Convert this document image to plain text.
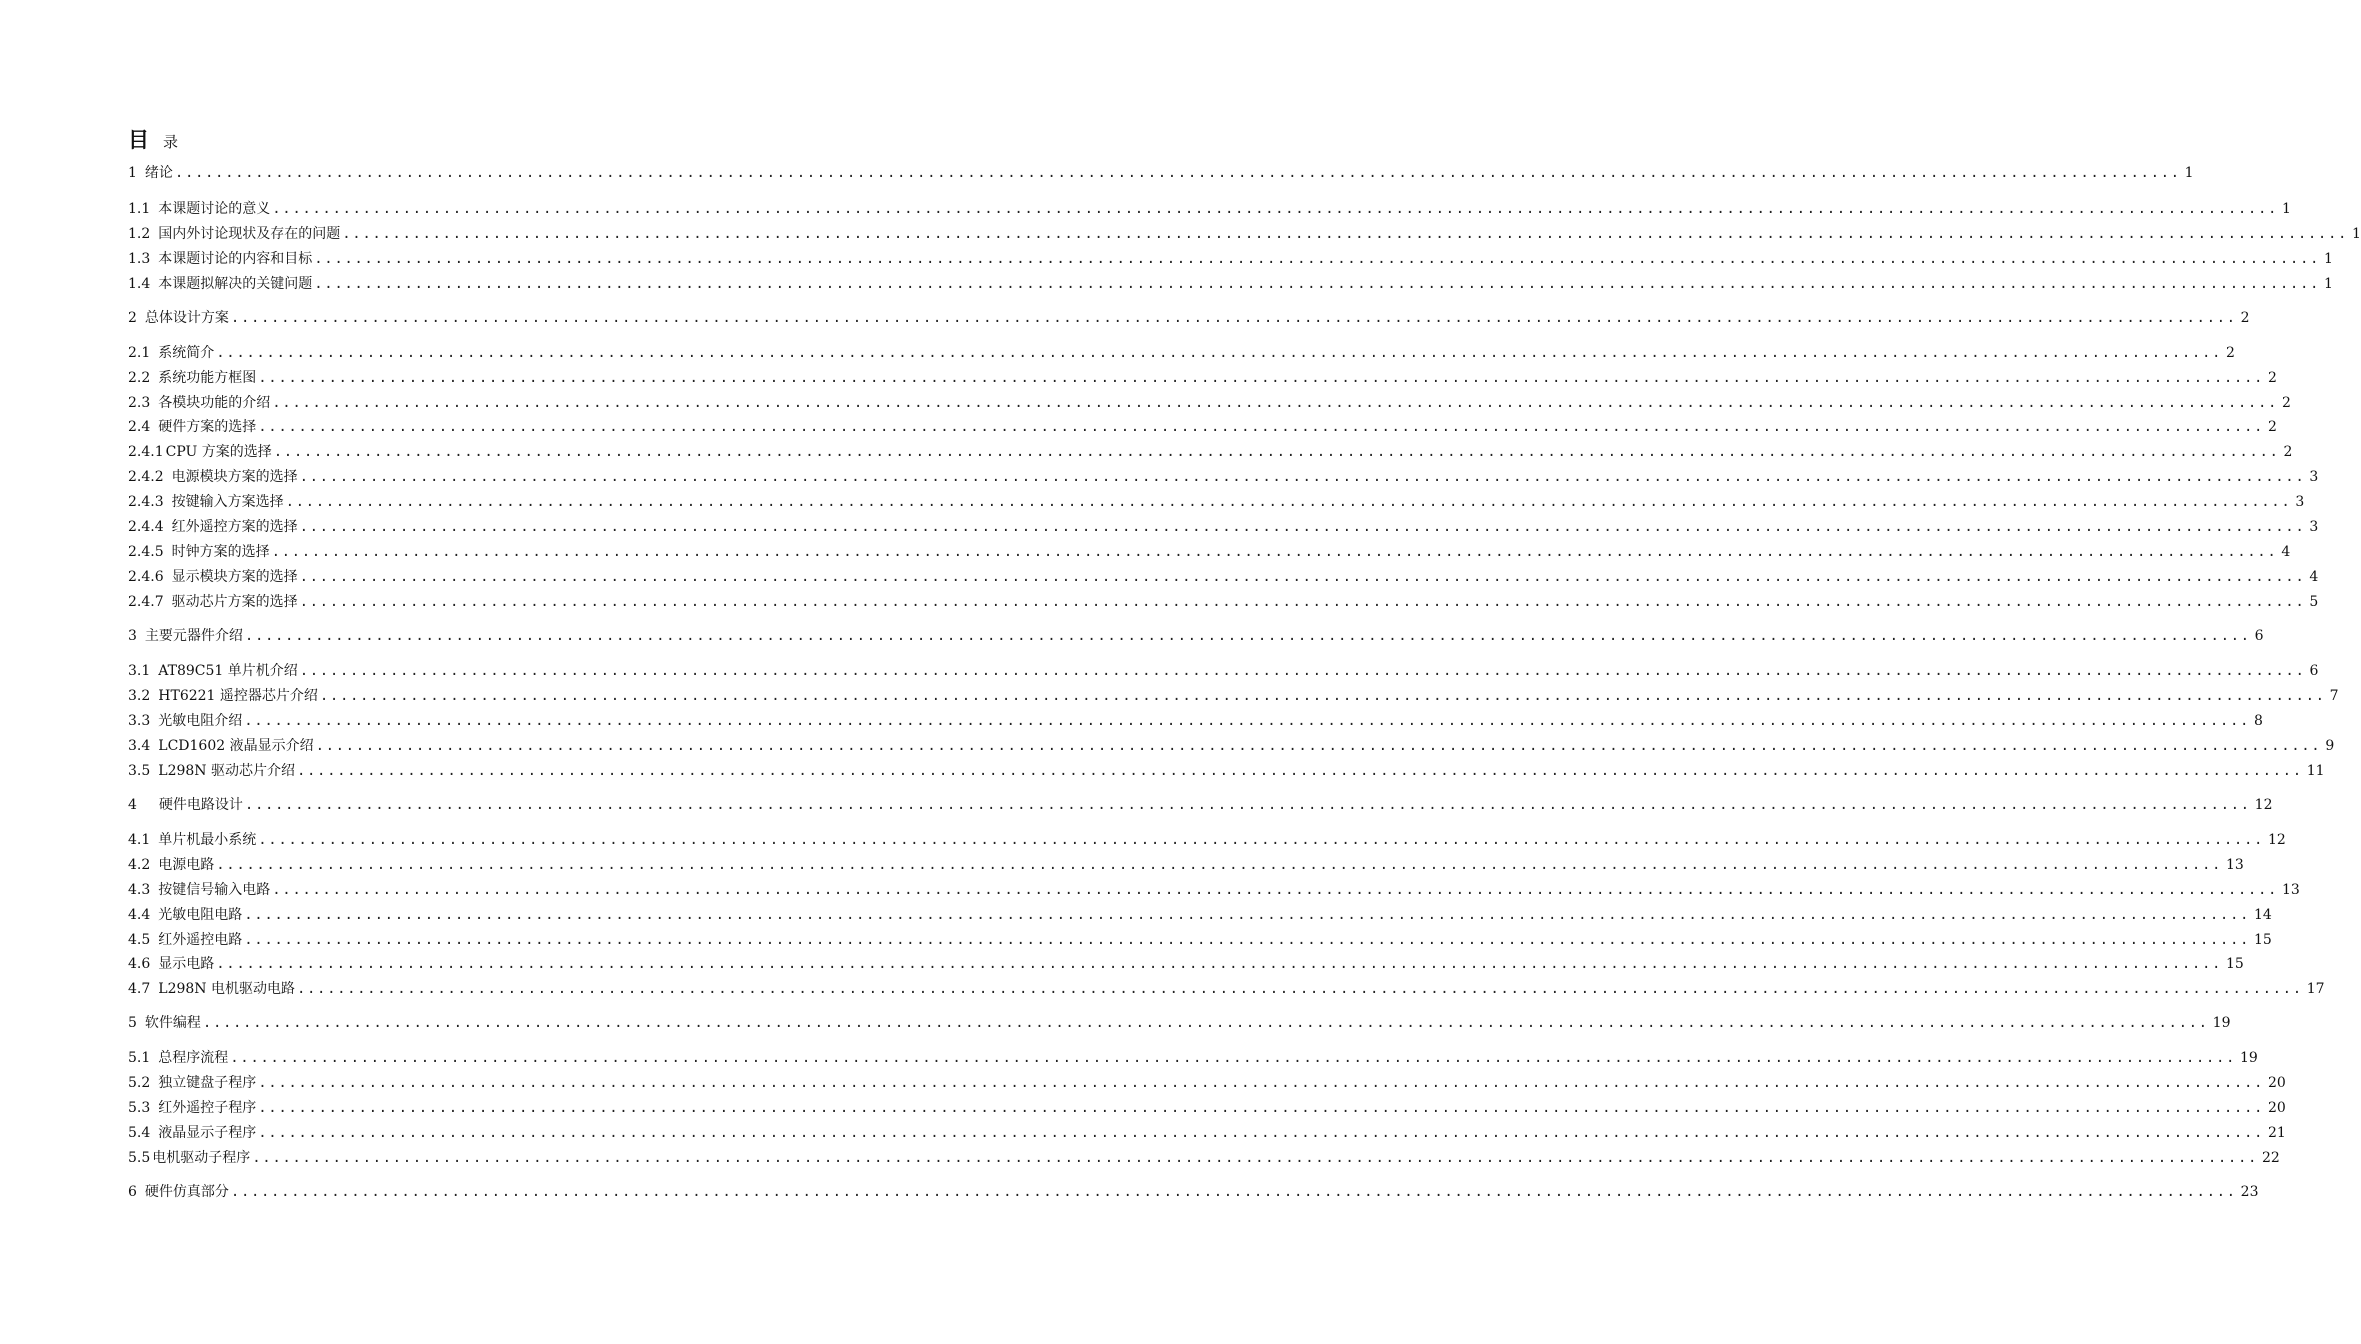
目 录
1 绪论 ........................................................................................................................................................................................................ 1
1.1 本课题讨论的意义 ........................................................................................................................................................................................................ 1
1.2 国内外讨论现状及存在的问题 ........................................................................................................................................................................................................ 1
1.3 本课题讨论的内容和目标 ........................................................................................................................................................................................................ 1
1.4 本课题拟解决的关键问题 ........................................................................................................................................................................................................ 1
2 总体设计方案 ........................................................................................................................................................................................................ 2
2.1 系统简介 ........................................................................................................................................................................................................ 2
2.2 系统功能方框图 ........................................................................................................................................................................................................ 2
2.3 各模块功能的介绍 ........................................................................................................................................................................................................ 2
2.4 硬件方案的选择 ........................................................................................................................................................................................................ 2
2.4.1 CPU 方案的选择 ........................................................................................................................................................................................................ 2
2.4.2 电源模块方案的选择 ........................................................................................................................................................................................................ 3
2.4.3 按键输入方案选择 ........................................................................................................................................................................................................ 3
2.4.4 红外遥控方案的选择 ........................................................................................................................................................................................................ 3
2.4.5 时钟方案的选择 ........................................................................................................................................................................................................ 4
2.4.6 显示模块方案的选择 ........................................................................................................................................................................................................ 4
2.4.7 驱动芯片方案的选择 ........................................................................................................................................................................................................ 5
3 主要元器件介绍 ........................................................................................................................................................................................................ 6
3.1 AT89C51 单片机介绍 ........................................................................................................................................................................................................ 6
3.2 HT6221 遥控器芯片介绍 ........................................................................................................................................................................................................ 7
3.3 光敏电阻介绍 ........................................................................................................................................................................................................ 8
3.4 LCD1602 液晶显示介绍 ........................................................................................................................................................................................................ 9
3.5 L298N 驱动芯片介绍 ........................................................................................................................................................................................................ 11
4 硬件电路设计 ........................................................................................................................................................................................................ 12
4.1 单片机最小系统 ........................................................................................................................................................................................................ 12
4.2 电源电路 ........................................................................................................................................................................................................ 13
4.3 按键信号输入电路 ........................................................................................................................................................................................................ 13
4.4 光敏电阻电路 ........................................................................................................................................................................................................ 14
4.5 红外遥控电路 ........................................................................................................................................................................................................ 15
4.6 显示电路 ........................................................................................................................................................................................................ 15
4.7 L298N 电机驱动电路 ........................................................................................................................................................................................................ 17
5 软件编程 ........................................................................................................................................................................................................ 19
5.1 总程序流程 ........................................................................................................................................................................................................ 19
5.2 独立键盘子程序 ........................................................................................................................................................................................................ 20
5.3 红外遥控子程序 ........................................................................................................................................................................................................ 20
5.4 液晶显示子程序 ........................................................................................................................................................................................................ 21
5.5 电机驱动子程序 ........................................................................................................................................................................................................ 22
6 硬件仿真部分 ........................................................................................................................................................................................................ 23
